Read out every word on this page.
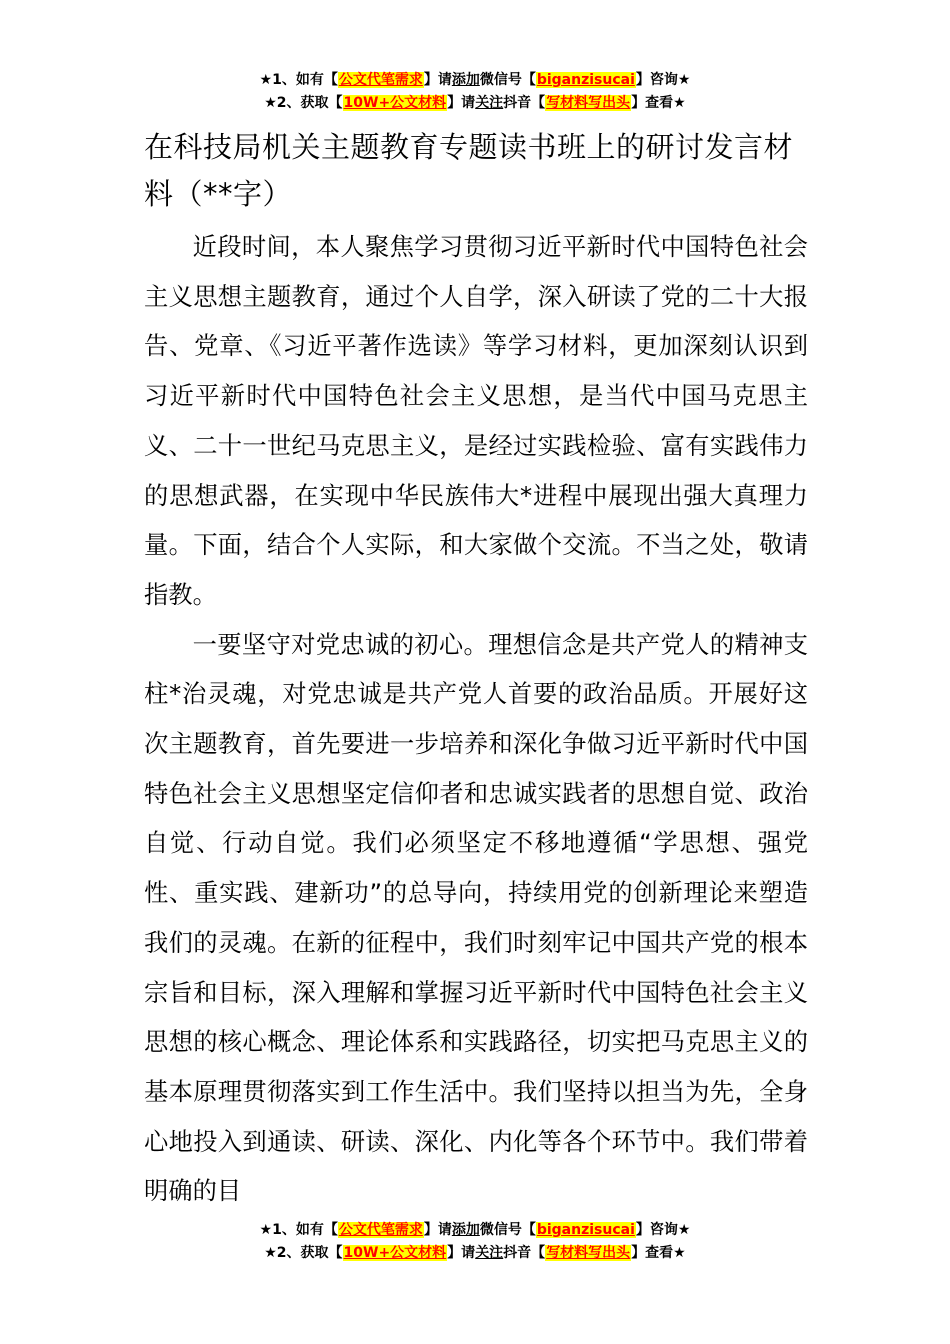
★1、如有【公文代笔需求】请添加微信号【biganzisucai】咨询★
★2、获取【10W+公文材料】请关注抖音【写材料写出头】查看★
在科技局机关主题教育专题读书班上的研讨发言材料（**字）

近段时间，本人聚焦学习贯彻习近平新时代中国特色社会主义思想主题教育，通过个人自学，深入研读了党的二十大报告、党章、《习近平著作选读》等学习材料，更加深刻认识到习近平新时代中国特色社会主义思想，是当代中国马克思主义、二十一世纪马克思主义，是经过实践检验、富有实践伟力的思想武器，在实现中华民族伟大*进程中展现出强大真理力量。下面，结合个人实际，和大家做个交流。不当之处，敬请指教。

一要坚守对党忠诚的初心。理想信念是共产党人的精神支柱*治灵魂，对党忠诚是共产党人首要的政治品质。开展好这次主题教育，首先要进一步培养和深化争做习近平新时代中国特色社会主义思想坚定信仰者和忠诚实践者的思想自觉、政治自觉、行动自觉。我们必须坚定不移地遵循“学思想、强党性、重实践、建新功”的总导向，持续用党的创新理论来塑造我们的灵魂。在新的征程中，我们时刻牢记中国共产党的根本宗旨和目标，深入理解和掌握习近平新时代中国特色社会主义思想的核心概念、理论体系和实践路径，切实把马克思主义的基本原理贯彻落实到工作生活中。我们坚持以担当为先，全身心地投入到通读、研读、深化、内化等各个环节中。我们带着明确的目

★1、如有【公文代笔需求】请添加微信号【biganzisucai】咨询★
★2、获取【10W+公文材料】请关注抖音【写材料写出头】查看★
